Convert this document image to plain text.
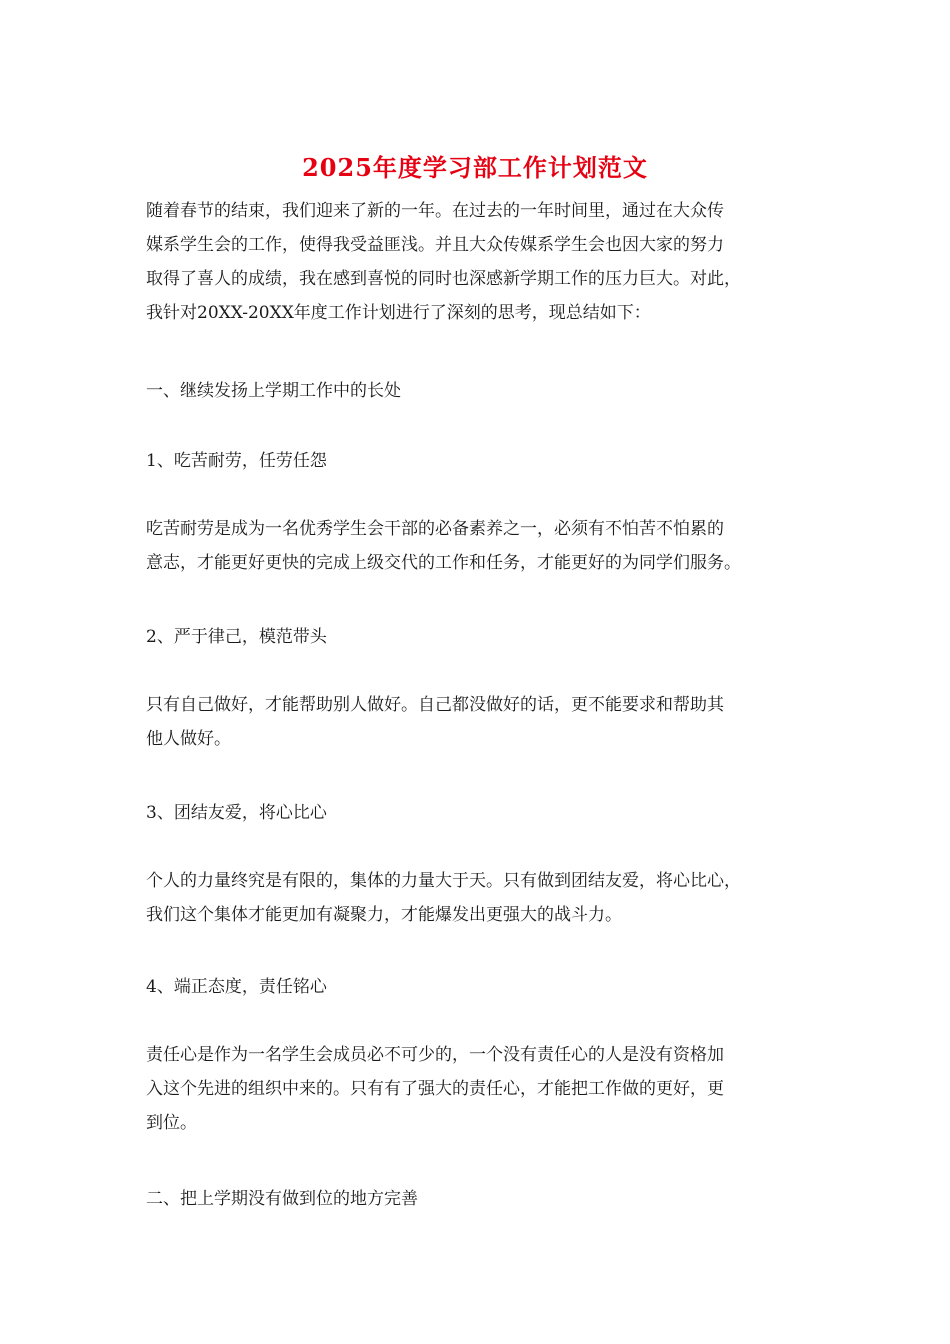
2025年度学习部工作计划范文
随着春节的结束，我们迎来了新的一年。在过去的一年时间里，通过在大众传
媒系学生会的工作，使得我受益匪浅。并且大众传媒系学生会也因大家的努力
取得了喜人的成绩，我在感到喜悦的同时也深感新学期工作的压力巨大。对此，
我针对20XX-20XX年度工作计划进行了深刻的思考，现总结如下：
一、继续发扬上学期工作中的长处
1、吃苦耐劳，任劳任怨
吃苦耐劳是成为一名优秀学生会干部的必备素养之一，必须有不怕苦不怕累的
意志，才能更好更快的完成上级交代的工作和任务，才能更好的为同学们服务。
2、严于律己，模范带头
只有自己做好，才能帮助别人做好。自己都没做好的话，更不能要求和帮助其
他人做好。
3、团结友爱，将心比心
个人的力量终究是有限的，集体的力量大于天。只有做到团结友爱，将心比心，
我们这个集体才能更加有凝聚力，才能爆发出更强大的战斗力。
4、端正态度，责任铭心
责任心是作为一名学生会成员必不可少的，一个没有责任心的人是没有资格加
入这个先进的组织中来的。只有有了强大的责任心，才能把工作做的更好，更
到位。
二、把上学期没有做到位的地方完善
